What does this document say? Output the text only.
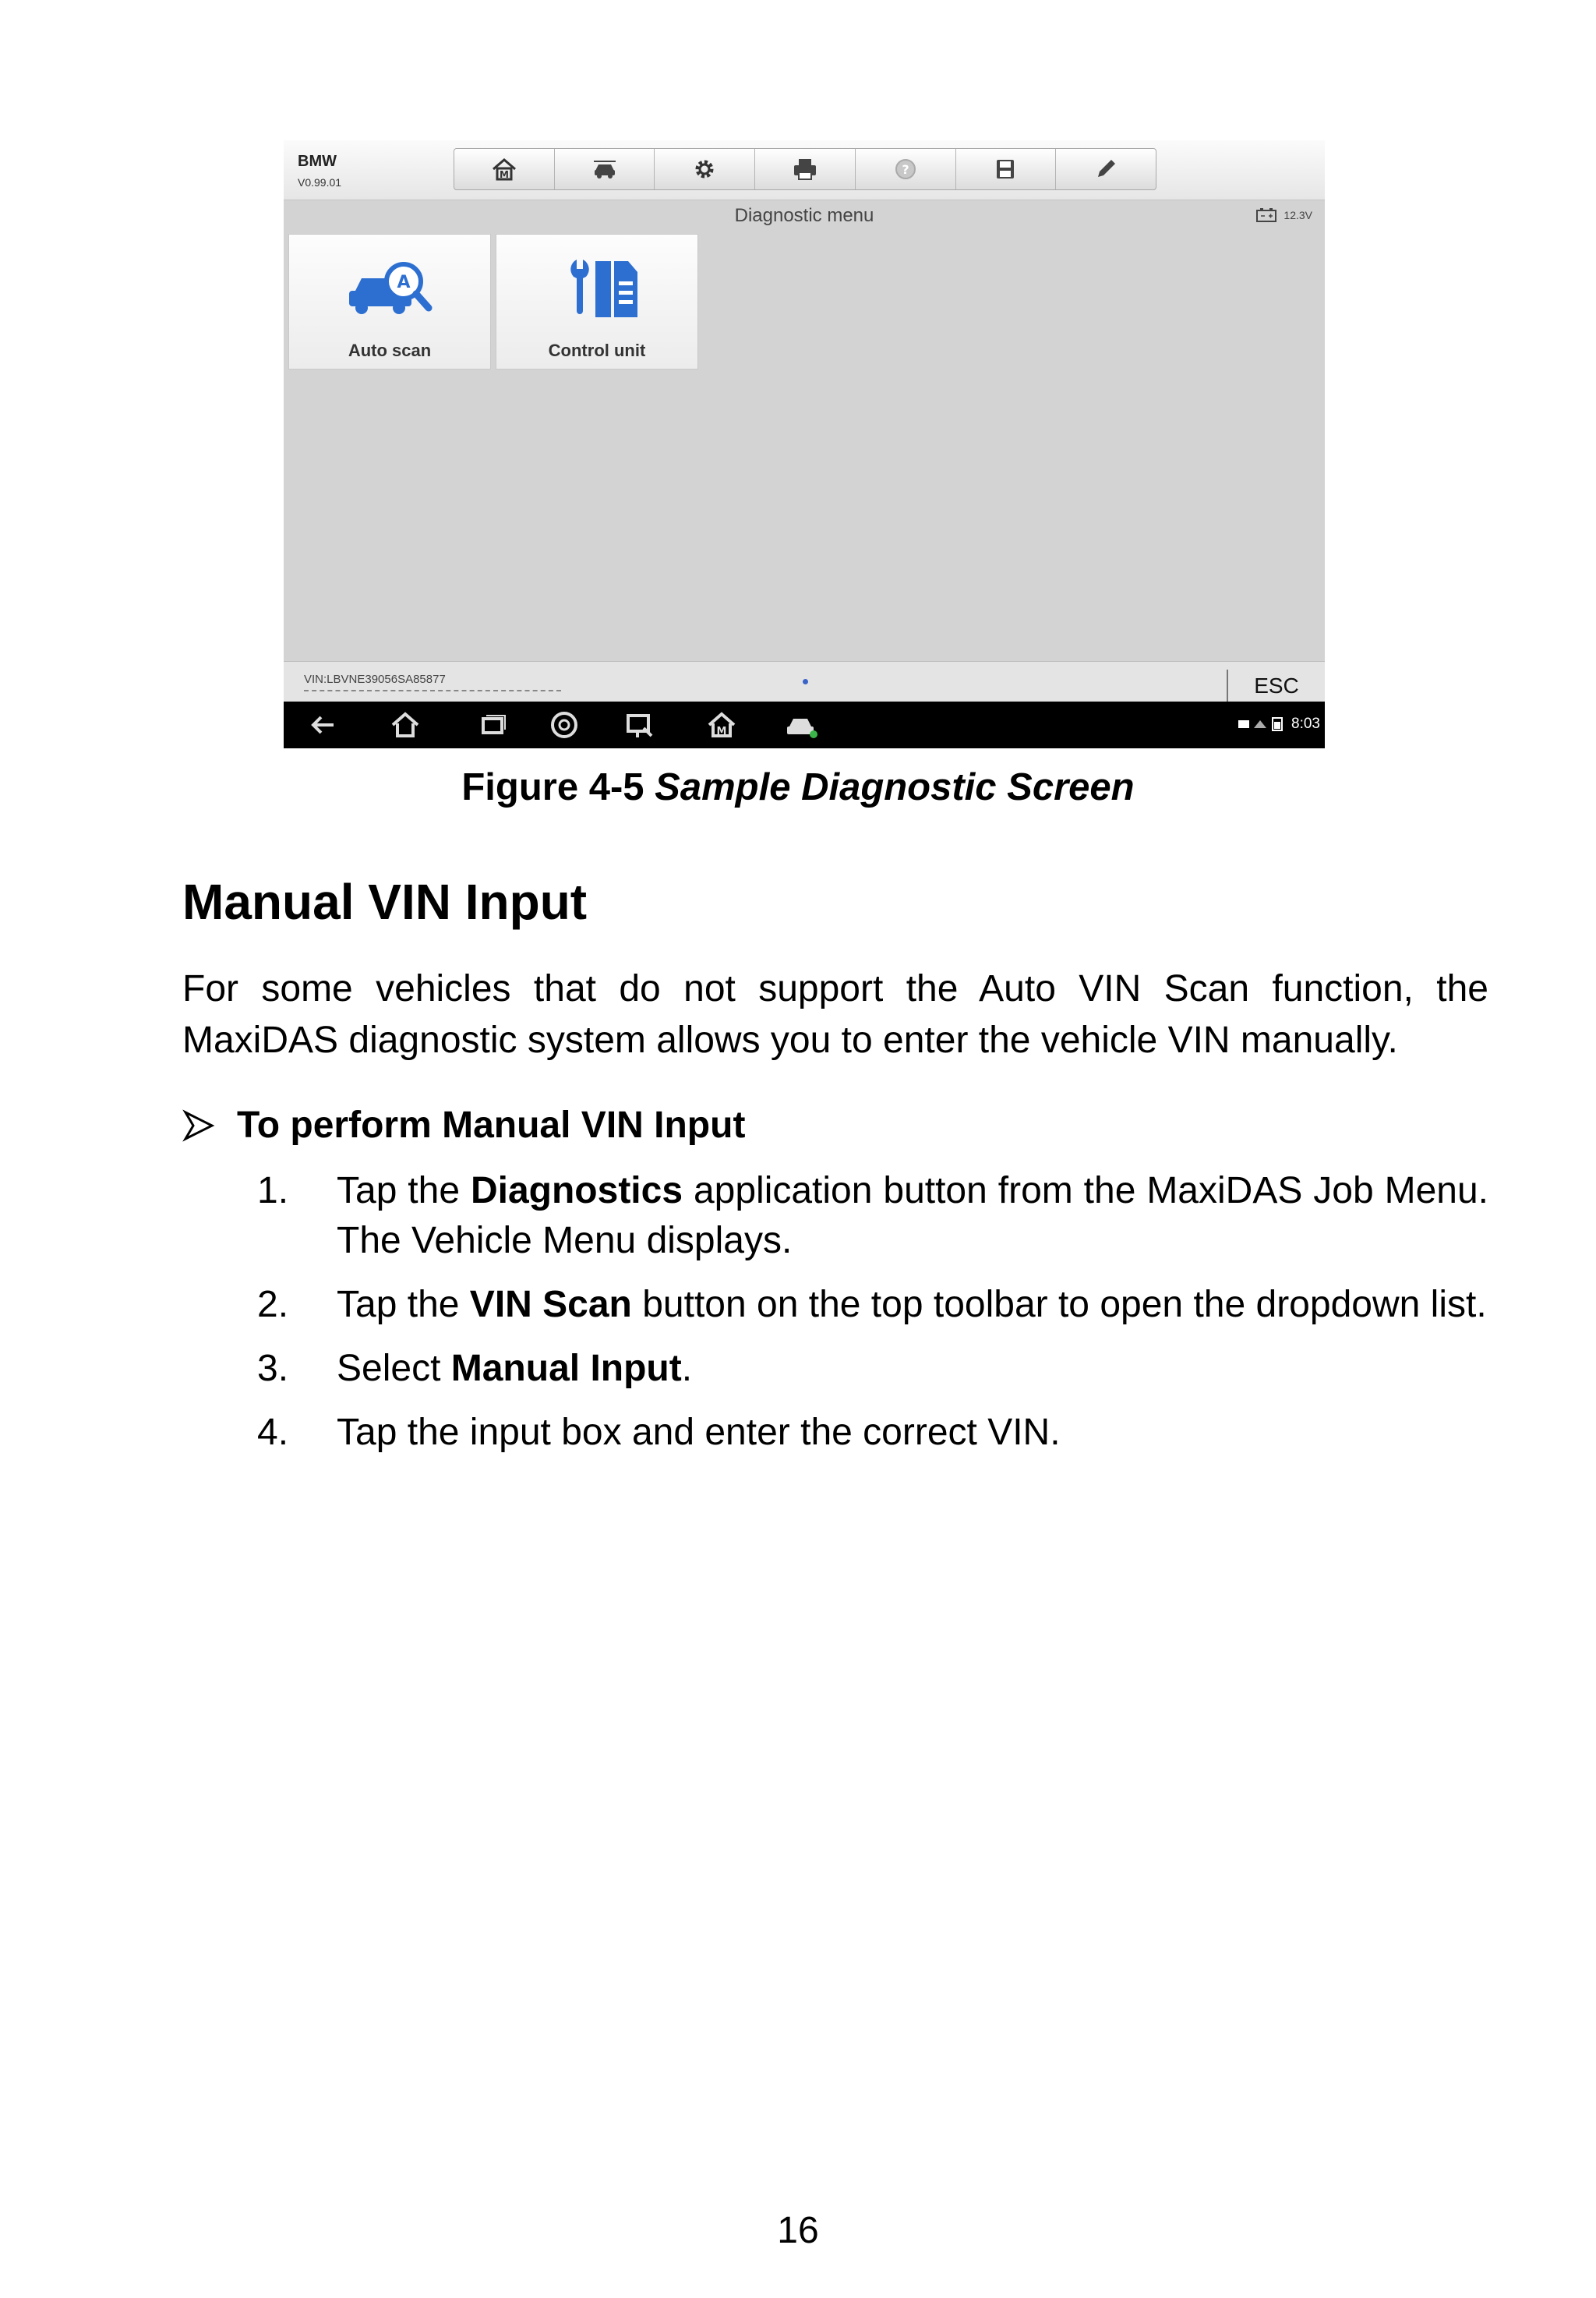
BMW
V0.99.01
M	?
Diagnostic menu	12.3V
A
Auto scan	Control unit
VIN:LBVNE39056SA85877	ESC
M	8:03
Figure 4-5 Sample Diagnostic Screen
Manual VIN Input
For some vehicles that do not support the Auto VIN Scan function, the MaxiDAS diagnostic system allows you to enter the vehicle VIN manually.
To perform Manual VIN Input
1.	Tap the Diagnostics application button from the MaxiDAS Job Menu. The Vehicle Menu displays.
2.	Tap the VIN Scan button on the top toolbar to open the dropdown list.
3.	Select Manual Input.
4.	Tap the input box and enter the correct VIN.
16
